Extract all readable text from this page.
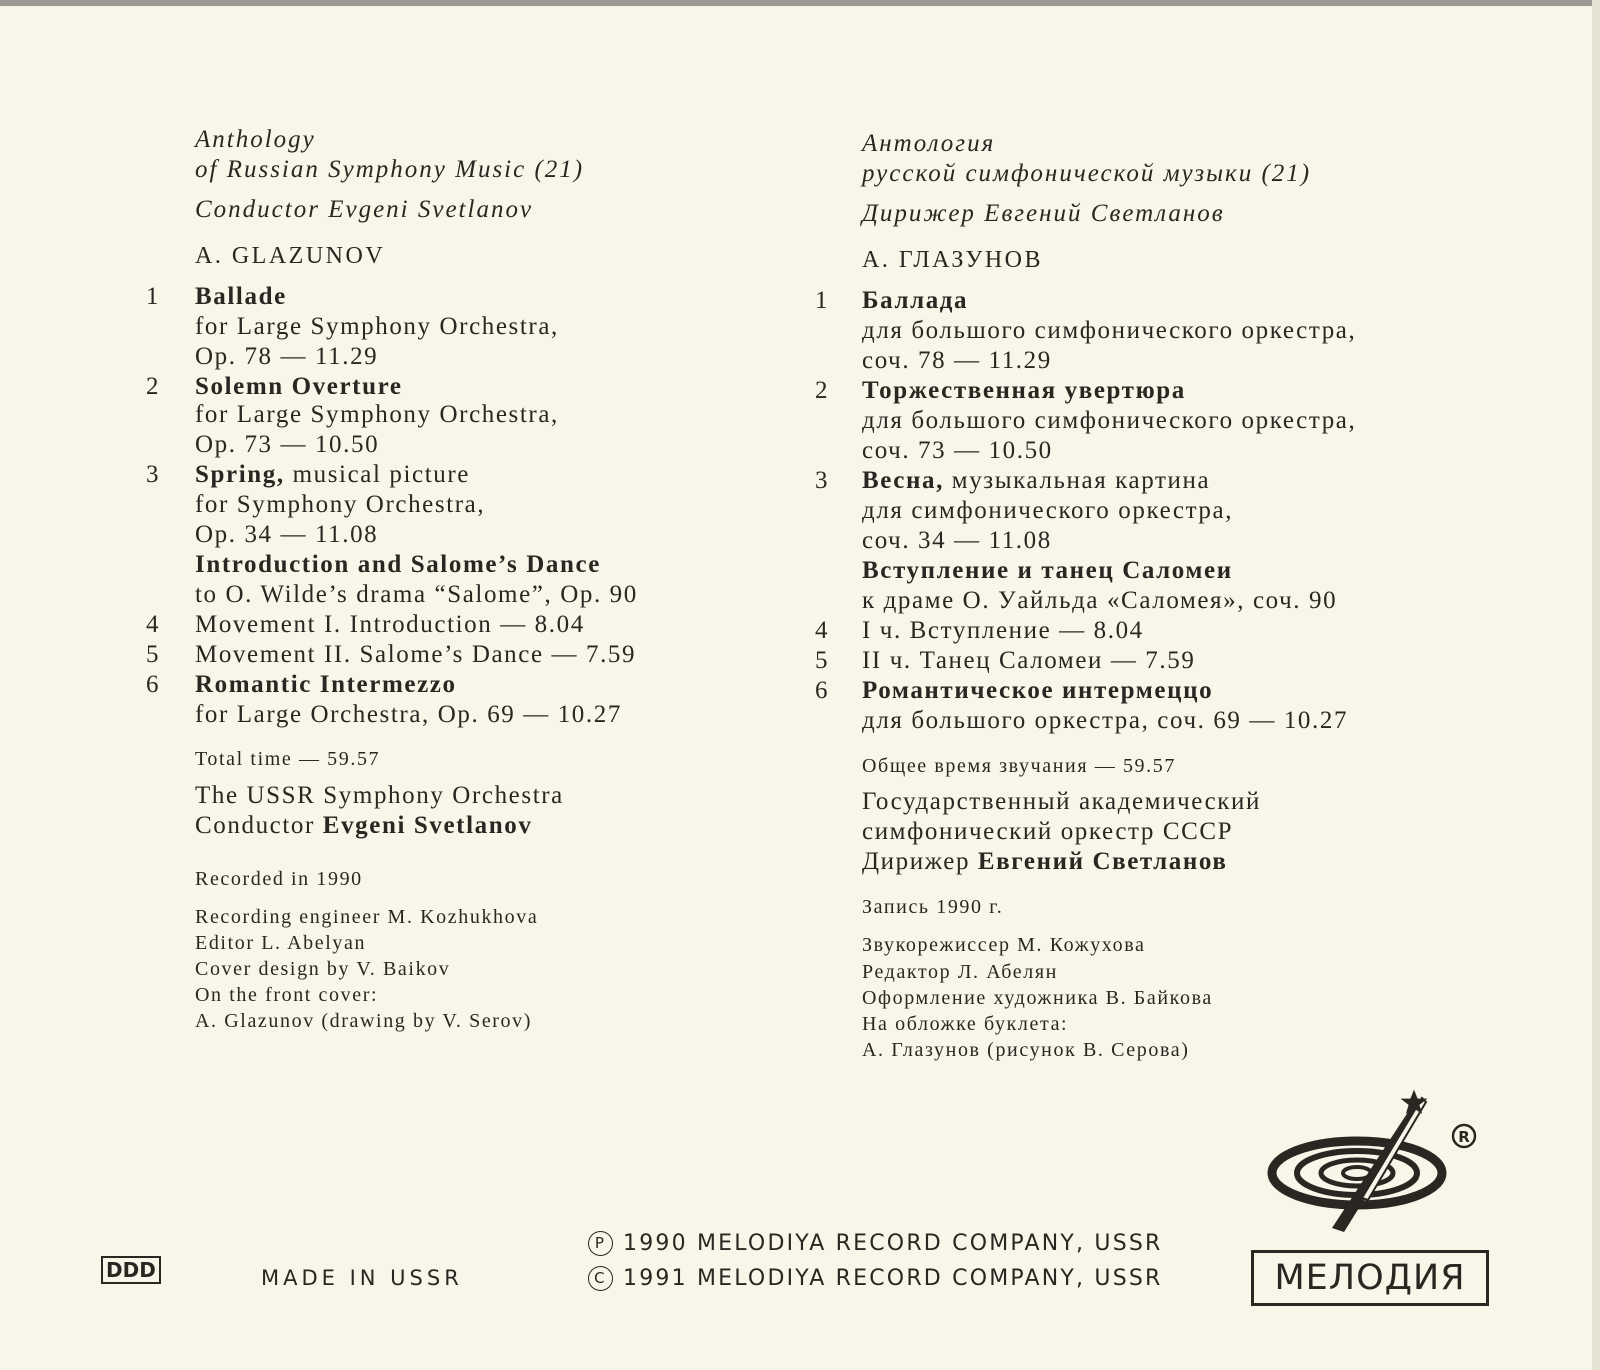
Anthology
of Russian Symphony Music (21)
Conductor Evgeni Svetlanov
A. GLAZUNOV
1 Ballade
for Large Symphony Orchestra,
Op. 78 — 11.29
2 Solemn Overture
for Large Symphony Orchestra,
Op. 73 — 10.50
3 Spring, musical picture
for Symphony Orchestra,
Op. 34 — 11.08
Introduction and Salome’s Dance
to O. Wilde’s drama “Salome”, Op. 90
4 Movement I. Introduction — 8.04
5 Movement II. Salome’s Dance — 7.59
6 Romantic Intermezzo
for Large Orchestra, Op. 69 — 10.27
Total time — 59.57
The USSR Symphony Orchestra
Conductor Evgeni Svetlanov
Recorded in 1990
Recording engineer M. Kozhukhova
Editor L. Abelyan
Cover design by V. Baikov
On the front cover:
A. Glazunov (drawing by V. Serov)
Антология
русской симфонической музыки (21)
Дирижер Евгений Светланов
А. ГЛАЗУНОВ
1 Баллада
для большого симфонического оркестра,
соч. 78 — 11.29
2 Торжественная увертюра
для большого симфонического оркестра,
соч. 73 — 10.50
3 Весна, музыкальная картина
для симфонического оркестра,
соч. 34 — 11.08
Вступление и танец Саломеи
к драме О. Уайльда «Саломея», соч. 90
4 I ч. Вступление — 8.04
5 II ч. Танец Саломеи — 7.59
6 Романтическое интермеццо
для большого оркестра, соч. 69 — 10.27
Общее время звучания — 59.57
Государственный академический
симфонический оркестр СССР
Дирижер Евгений Светланов
Запись 1990 г.
Звукорежиссер М. Кожухова
Редактор Л. Абелян
Оформление художника В. Байкова
На обложке буклета:
А. Глазунов (рисунок В. Серова)
DDD	MADE IN USSR
P 1990 MELODIYA RECORD COMPANY, USSR
C 1991 MELODIYA RECORD COMPANY, USSR
R
МЕЛОДИЯ
